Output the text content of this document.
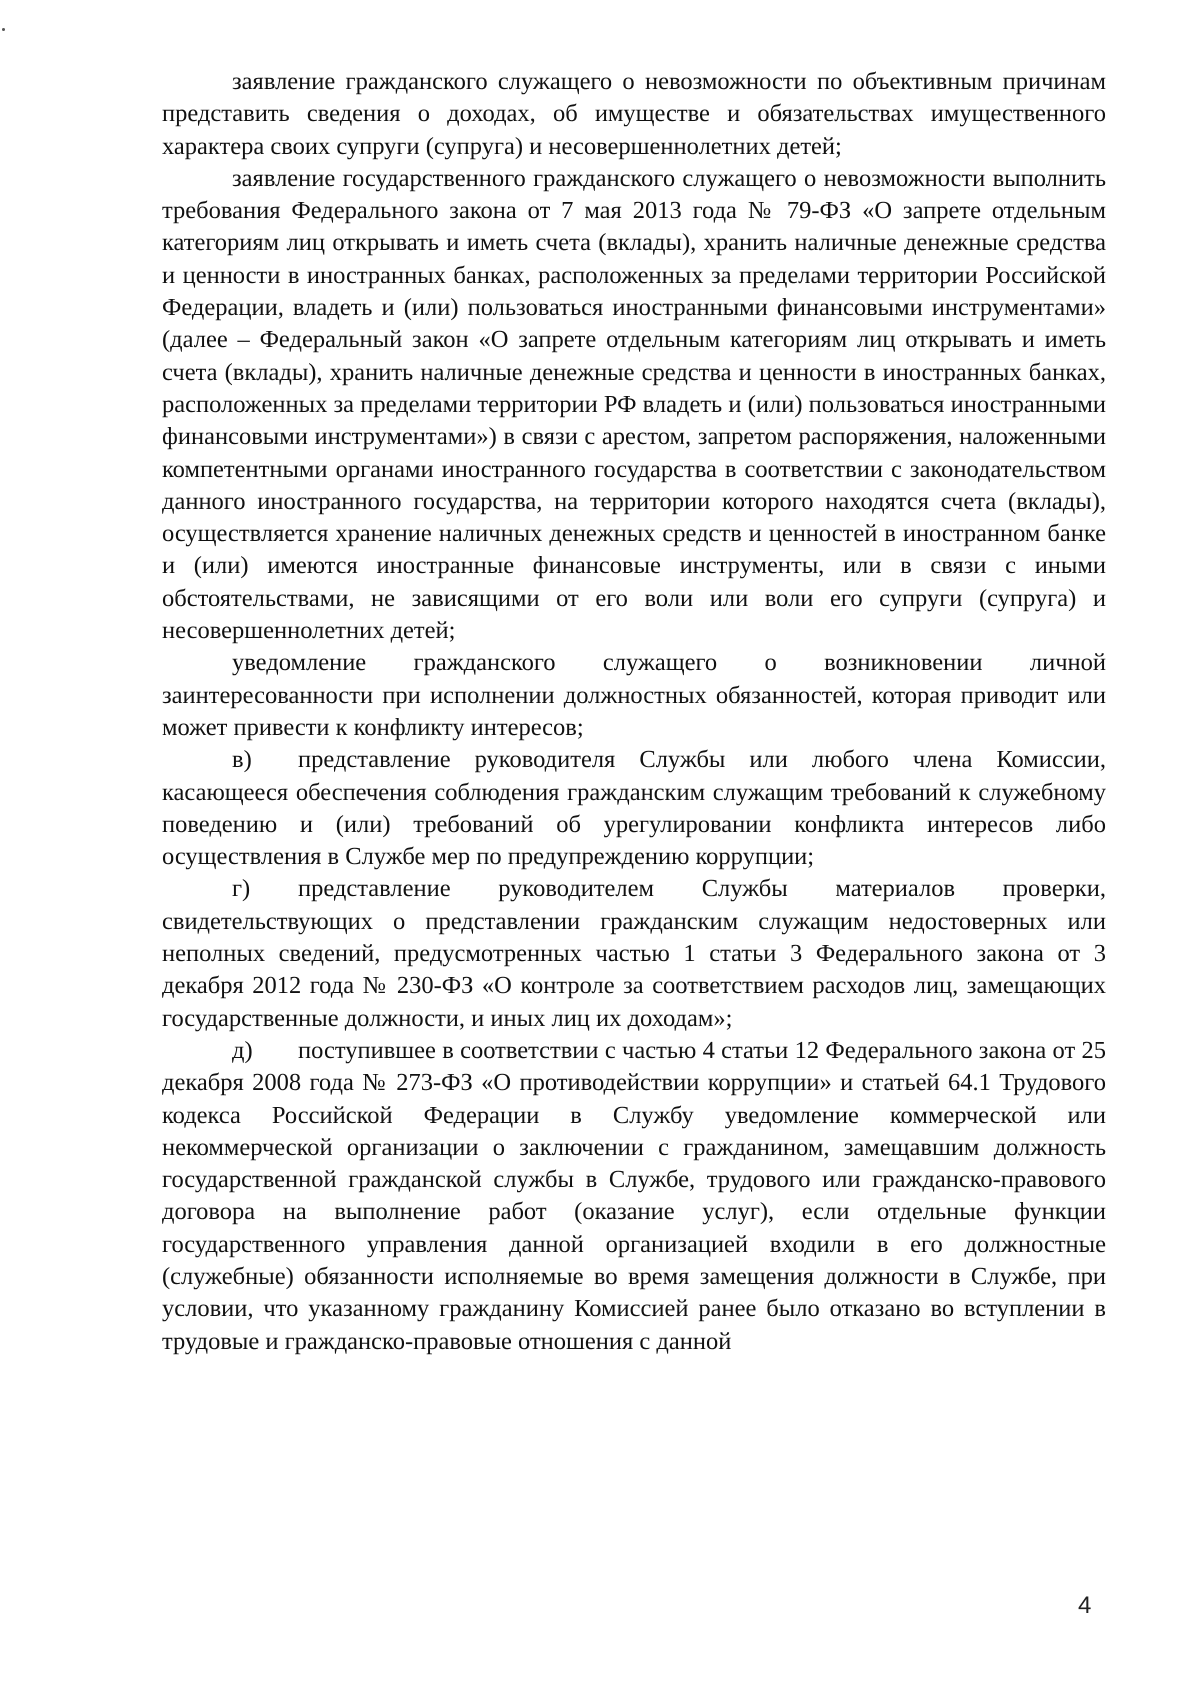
заявление гражданского служащего о невозможности по объективным причинам представить сведения о доходах, об имуществе и обязательствах имущественного характера своих супруги (супруга) и несовершеннолетних детей;

заявление государственного гражданского служащего о невозможности выполнить требования Федерального закона от 7 мая 2013 года № 79-ФЗ «О запрете отдельным категориям лиц открывать и иметь счета (вклады), хранить наличные денежные средства и ценности в иностранных банках, расположенных за пределами территории Российской Федерации, владеть и (или) пользоваться иностранными финансовыми инструментами» (далее – Федеральный закон «О запрете отдельным категориям лиц открывать и иметь счета (вклады), хранить наличные денежные средства и ценности в иностранных банках, расположенных за пределами территории РФ владеть и (или) пользоваться иностранными финансовыми инструментами») в связи с арестом, запретом распоряжения, наложенными компетентными органами иностранного государства в соответствии с законодательством данного иностранного государства, на территории которого находятся счета (вклады), осуществляется хранение наличных денежных средств и ценностей в иностранном банке и (или) имеются иностранные финансовые инструменты, или в связи с иными обстоятельствами, не зависящими от его воли или воли его супруги (супруга) и несовершеннолетних детей;

уведомление гражданского служащего о возникновении личной заинтересованности при исполнении должностных обязанностей, которая приводит или может привести к конфликту интересов;

в) представление руководителя Службы или любого члена Комиссии, касающееся обеспечения соблюдения гражданским служащим требований к служебному поведению и (или) требований об урегулировании конфликта интересов либо осуществления в Службе мер по предупреждению коррупции;

г) представление руководителем Службы материалов проверки, свидетельствующих о представлении гражданским служащим недостоверных или неполных сведений, предусмотренных частью 1 статьи 3 Федерального закона от 3 декабря 2012 года № 230-ФЗ «О контроле за соответствием расходов лиц, замещающих государственные должности, и иных лиц их доходам»;

д) поступившее в соответствии с частью 4 статьи 12 Федерального закона от 25 декабря 2008 года № 273-ФЗ «О противодействии коррупции» и статьей 64.1 Трудового кодекса Российской Федерации в Службу уведомление коммерческой или некоммерческой организации о заключении с гражданином, замещавшим должность государственной гражданской службы в Службе, трудового или гражданско-правового договора на выполнение работ (оказание услуг), если отдельные функции государственного управления данной организацией входили в его должностные (служебные) обязанности исполняемые во время замещения должности в Службе, при условии, что указанному гражданину Комиссией ранее было отказано во вступлении в трудовые и гражданско-правовые отношения с данной

4
